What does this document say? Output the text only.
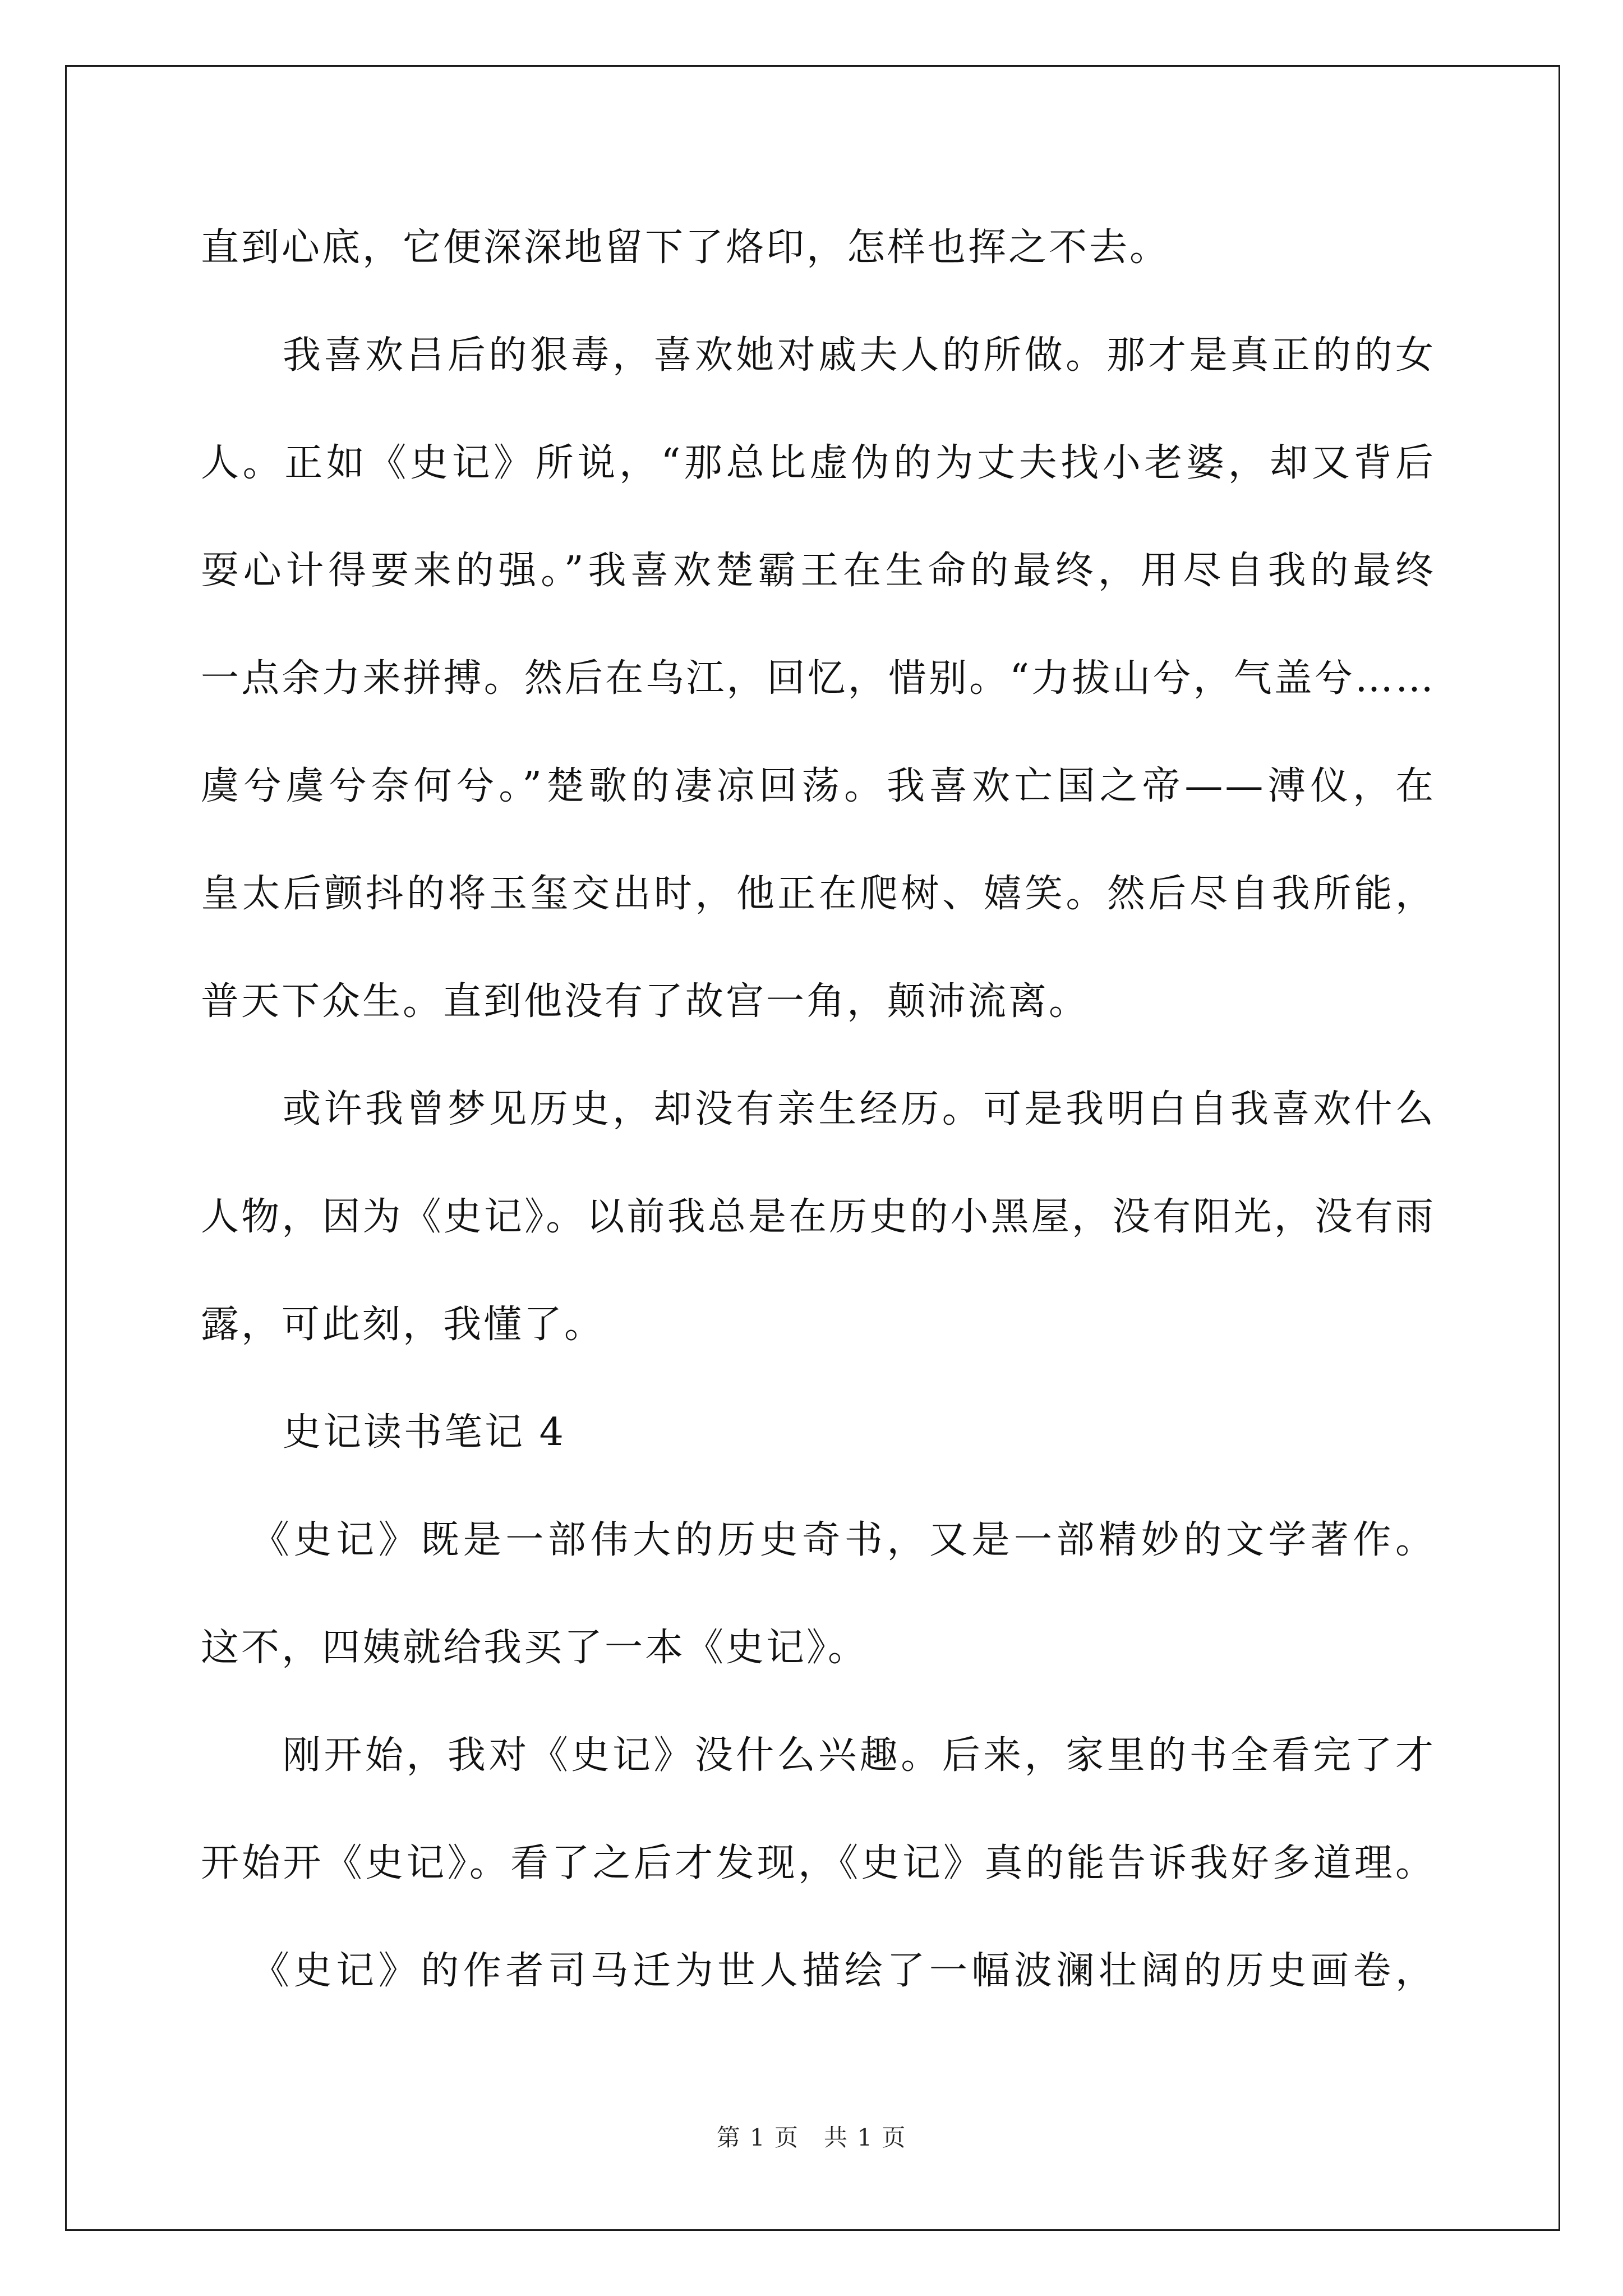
直到心底，它便深深地留下了烙印，怎样也挥之不去。
我喜欢吕后的狠毒，喜欢她对戚夫人的所做。那才是真正的的女
人。正如《史记》所说，“那总比虚伪的为丈夫找小老婆，却又背后
耍心计得要来的强。”我喜欢楚霸王在生命的最终，用尽自我的最终
一点余力来拼搏。然后在乌江，回忆，惜别。“力拔山兮，气盖兮……
虞兮虞兮奈何兮。”楚歌的凄凉回荡。我喜欢亡国之帝——溥仪，在
皇太后颤抖的将玉玺交出时，他正在爬树、嬉笑。然后尽自我所能，
普天下众生。直到他没有了故宫一角，颠沛流离。
或许我曾梦见历史，却没有亲生经历。可是我明白自我喜欢什么
人物，因为《史记》。以前我总是在历史的小黑屋，没有阳光，没有雨
露，可此刻，我懂了。
史记读书笔记 4
《史记》既是一部伟大的历史奇书，又是一部精妙的文学著作。
这不，四姨就给我买了一本《史记》。
刚开始，我对《史记》没什么兴趣。后来，家里的书全看完了才
开始开《史记》。看了之后才发现，《史记》真的能告诉我好多道理。
《史记》的作者司马迁为世人描绘了一幅波澜壮阔的历史画卷，
第 1 页　共 1 页
